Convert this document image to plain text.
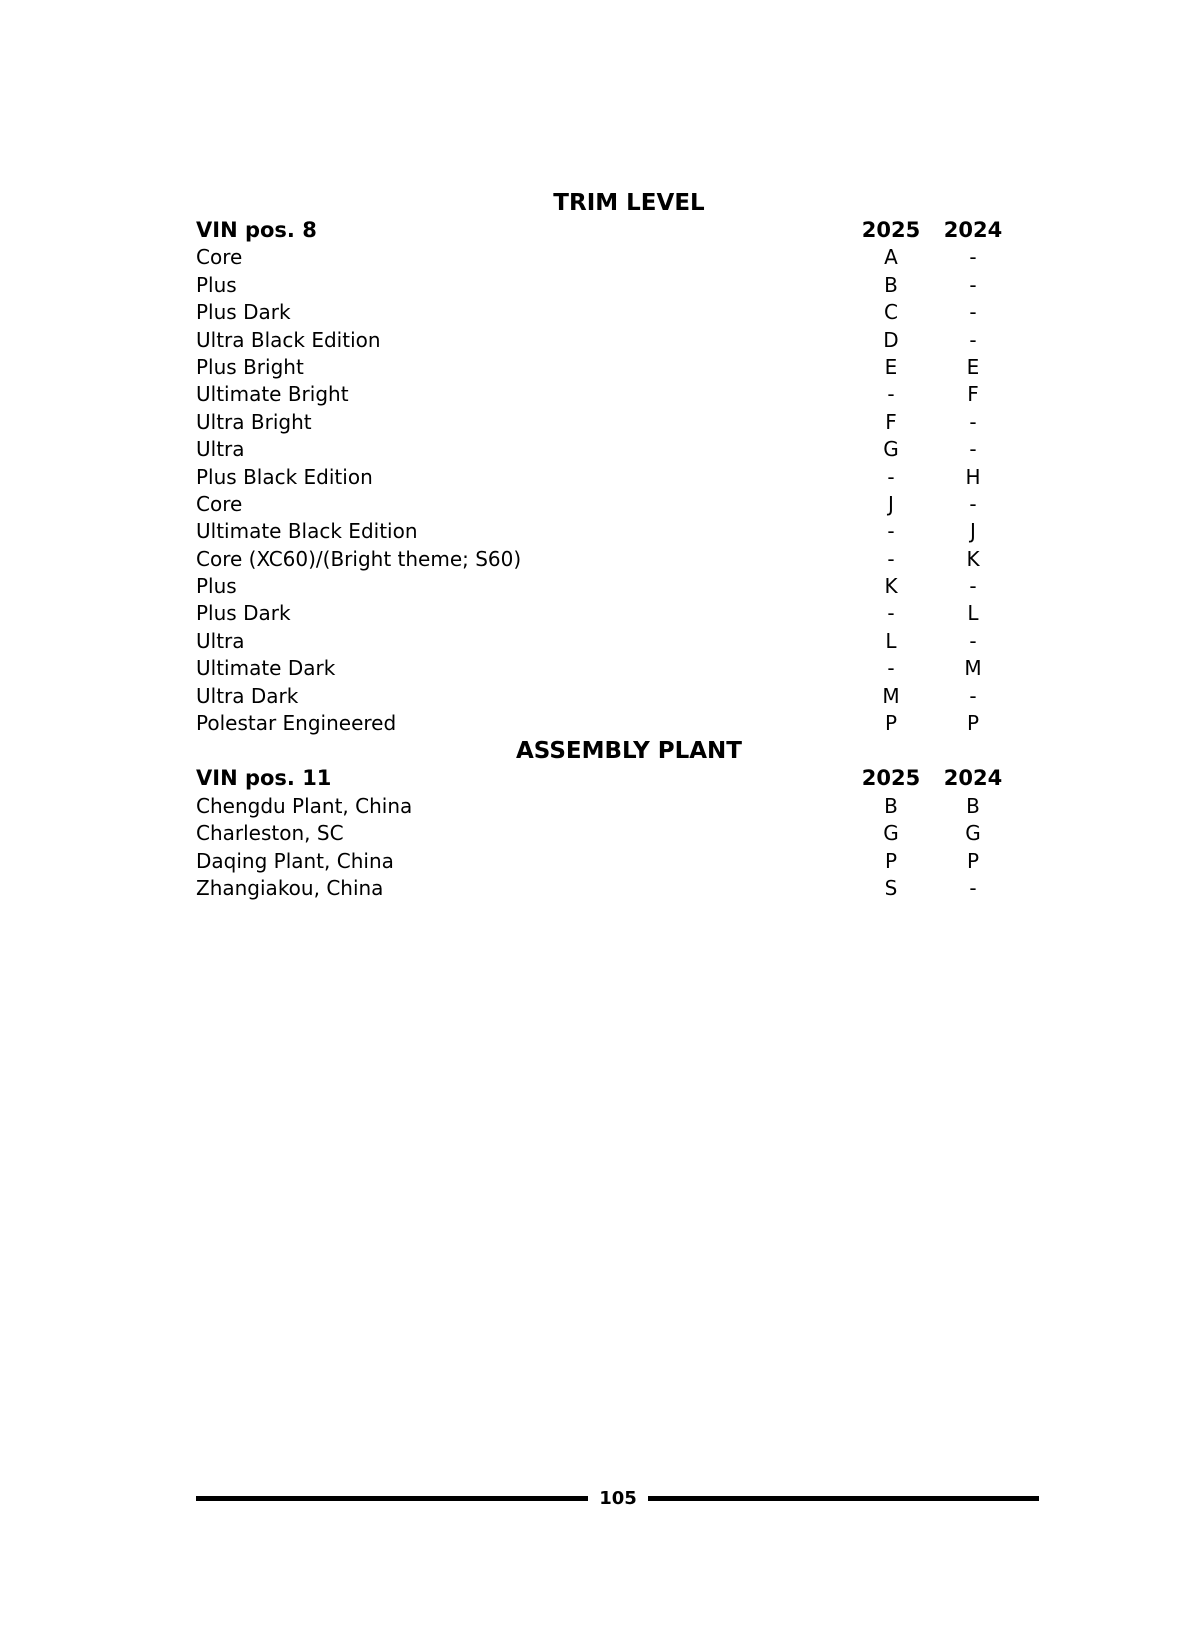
TRIM LEVEL
VIN pos. 8	2025 2024
Core	A	-
Plus	B	-
Plus Dark	C	-
Ultra Black Edition	D	-
Plus Bright	E	E
Ultimate Bright	-	F
Ultra Bright	F	-
Ultra	G	-
Plus Black Edition	-	H
Core	J	-
Ultimate Black Edition	-	J
Core (XC60)/(Bright theme; S60)	-	K
Plus	K	-
Plus Dark	-	L
Ultra	L	-
Ultimate Dark	-	M
Ultra Dark	M	-
Polestar Engineered	P	P
ASSEMBLY PLANT
VIN pos. 11	2025 2024
Chengdu Plant, China	B	B
Charleston, SC	G	G
Daqing Plant, China	P	P
Zhangiakou, China	S	-
105
